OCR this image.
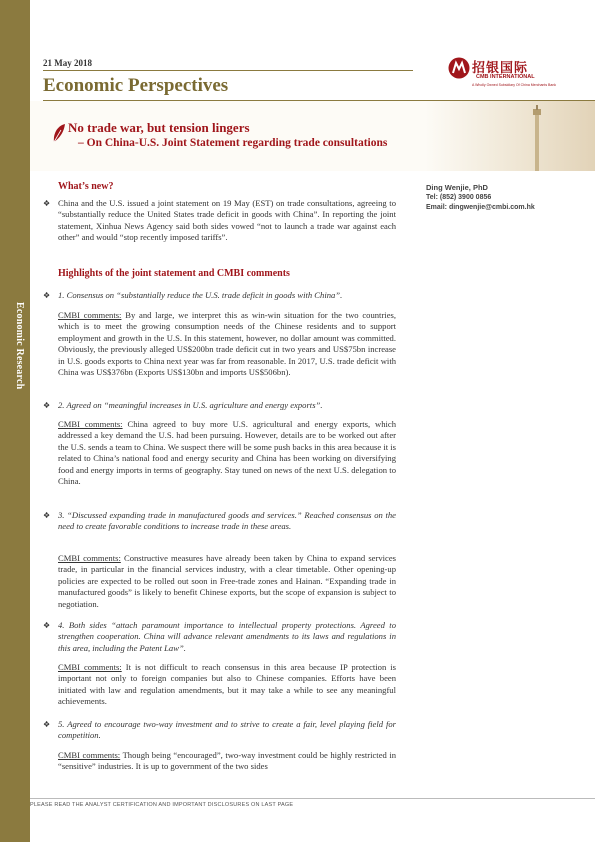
Economic Research
21 May 2018
Economic Perspectives
招银国际
CMB INTERNATIONAL
A Wholly Owned Subsidiary Of China Merchants Bank
No trade war, but tension lingers
– On China-U.S. Joint Statement regarding trade consultations
Ding Wenjie, PhD
Tel: (852) 3900 0856
Email: dingwenjie@cmbi.com.hk
What’s new?
❖ China and the U.S. issued a joint statement on 19 May (EST) on trade consultations, agreeing to “substantially reduce the United States trade deficit in goods with China”. In reporting the joint statement, Xinhua News Agency said both sides vowed “not to launch a trade war against each other” and would “stop recently imposed tariffs”.

Highlights of the joint statement and CMBI comments
❖ 1. Consensus on “substantially reduce the U.S. trade deficit in goods with China”.

CMBI comments: By and large, we interpret this as win-win situation for the two countries, which is to meet the growing consumption needs of the Chinese residents and to support employment and growth in the U.S. In this statement, however, no dollar amount was committed. Obviously, the previously alleged US$200bn trade deficit cut in two years and US$75bn increase in U.S. goods exports to China next year was far from reasonable. In 2017, U.S. trade deficit with China was US$376bn (Exports US$130bn and imports US$506bn).

❖ 2. Agreed on “meaningful increases in U.S. agriculture and energy exports”.

CMBI comments: China agreed to buy more U.S. agricultural and energy exports, which addressed a key demand the U.S. had been pursuing. However, details are to be worked out after the U.S. sends a team to China. We suspect there will be some push backs in this area because it is related to China’s national food and energy security and China has been working on diversifying food and energy imports in terms of geography. Stay tuned on news of the next U.S. delegation to China.

❖ 3. “Discussed expanding trade in manufactured goods and services.” Reached consensus on the need to create favorable conditions to increase trade in these areas.

CMBI comments: Constructive measures have already been taken by China to expand services trade, in particular in the financial services industry, with a clear timetable. Other opening-up policies are expected to be rolled out soon in Free-trade zones and Hainan. “Expanding trade in manufactured goods” is likely to benefit Chinese exports, but the scope of expansion is subject to negotiation.

❖ 4. Both sides “attach paramount importance to intellectual property protections. Agreed to strengthen cooperation. China will advance relevant amendments to its laws and regulations in this area, including the Patent Law”.

CMBI comments: It is not difficult to reach consensus in this area because IP protection is important not only to foreign companies but also to Chinese companies. Efforts have been initiated with law and regulation amendments, but it may take a while to see any meaningful achievements.

❖ 5. Agreed to encourage two-way investment and to strive to create a fair, level playing field for competition.

CMBI comments: Though being “encouraged”, two-way investment could be highly restricted in “sensitive” industries. It is up to government of the two sides

PLEASE READ THE ANALYST CERTIFICATION AND IMPORTANT DISCLOSURES ON LAST PAGE
